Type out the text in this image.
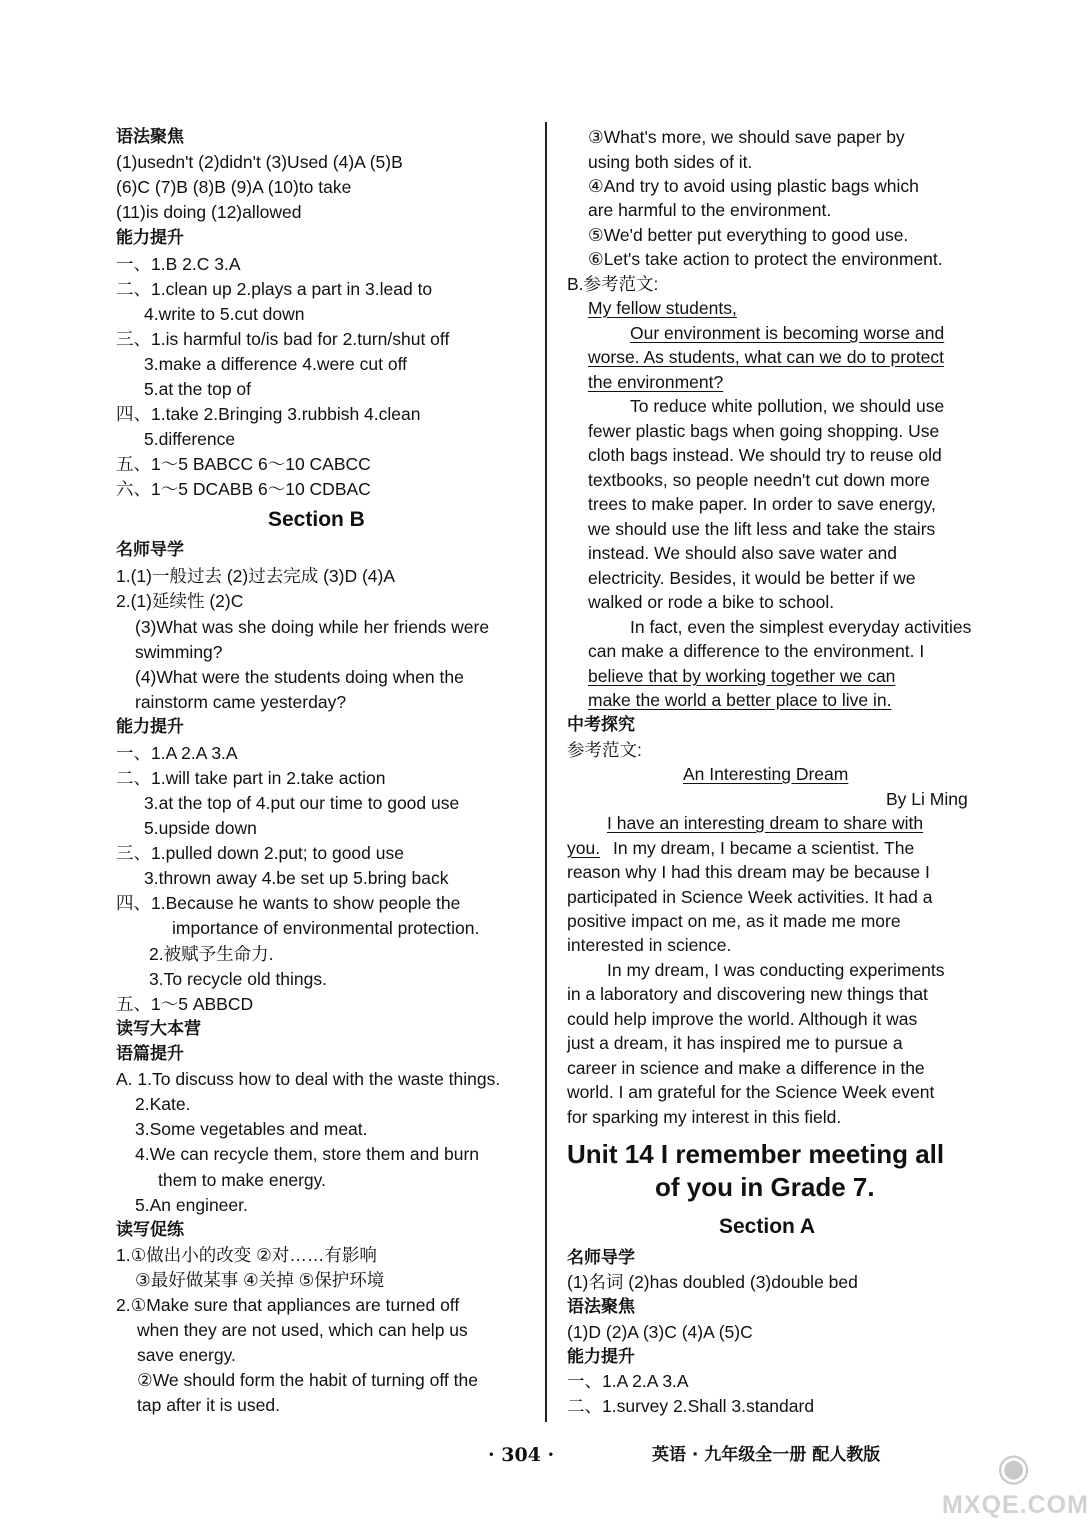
语法聚焦
(1)usedn't (2)didn't (3)Used (4)A (5)B
(6)C (7)B (8)B (9)A (10)to take
(11)is doing (12)allowed
能力提升
一、1.B 2.C 3.A
二、1.clean up 2.plays a part in 3.lead to
4.write to 5.cut down
三、1.is harmful to/is bad for 2.turn/shut off
3.make a difference 4.were cut off
5.at the top of
四、1.take 2.Bringing 3.rubbish 4.clean
5.difference
五、1～5 BABCC 6～10 CABCC
六、1～5 DCABB 6～10 CDBAC
Section B
名师导学
1.(1)一般过去 (2)过去完成 (3)D (4)A
2.(1)延续性 (2)C
(3)What was she doing while her friends were
swimming?
(4)What were the students doing when the
rainstorm came yesterday?
能力提升
一、1.A 2.A 3.A
二、1.will take part in 2.take action
3.at the top of 4.put our time to good use
5.upside down
三、1.pulled down 2.put; to good use
3.thrown away 4.be set up 5.bring back
四、1.Because he wants to show people the
importance of environmental protection.
2.被赋予生命力.
3.To recycle old things.
五、1～5 ABBCD
读写大本营
语篇提升
A. 1.To discuss how to deal with the waste things.
2.Kate.
3.Some vegetables and meat.
4.We can recycle them, store them and burn
them to make energy.
5.An engineer.
读写促练
1.①做出小的改变 ②对……有影响
③最好做某事 ④关掉 ⑤保护环境
2.①Make sure that appliances are turned off
when they are not used, which can help us
save energy.
②We should form the habit of turning off the
tap after it is used.
③What's more, we should save paper by
using both sides of it.
④And try to avoid using plastic bags which
are harmful to the environment.
⑤We'd better put everything to good use.
⑥Let's take action to protect the environment.
B.参考范文:
My fellow students,
Our environment is becoming worse and
worse. As students, what can we do to protect
the environment?
To reduce white pollution, we should use
fewer plastic bags when going shopping. Use
cloth bags instead. We should try to reuse old
textbooks, so people needn't cut down more
trees to make paper. In order to save energy,
we should use the lift less and take the stairs
instead. We should also save water and
electricity. Besides, it would be better if we
walked or rode a bike to school.
In fact, even the simplest everyday activities
can make a difference to the environment. I
believe that by working together we can
make the world a better place to live in.
中考探究
参考范文:
An Interesting Dream
By Li Ming
I have an interesting dream to share with
you. In my dream, I became a scientist. The
reason why I had this dream may be because I
participated in Science Week activities. It had a
positive impact on me, as it made me more
interested in science.
In my dream, I was conducting experiments
in a laboratory and discovering new things that
could help improve the world. Although it was
just a dream, it has inspired me to pursue a
career in science and make a difference in the
world. I am grateful for the Science Week event
for sparking my interest in this field.
Unit 14 I remember meeting all
of you in Grade 7.
Section A
名师导学
(1)名词 (2)has doubled (3)double bed
语法聚焦
(1)D (2)A (3)C (4)A (5)C
能力提升
一、1.A 2.A 3.A
二、1.survey 2.Shall 3.standard
· 304 ·	英语 · 九年级全一册 配人教版	◉
MXQE.COM
